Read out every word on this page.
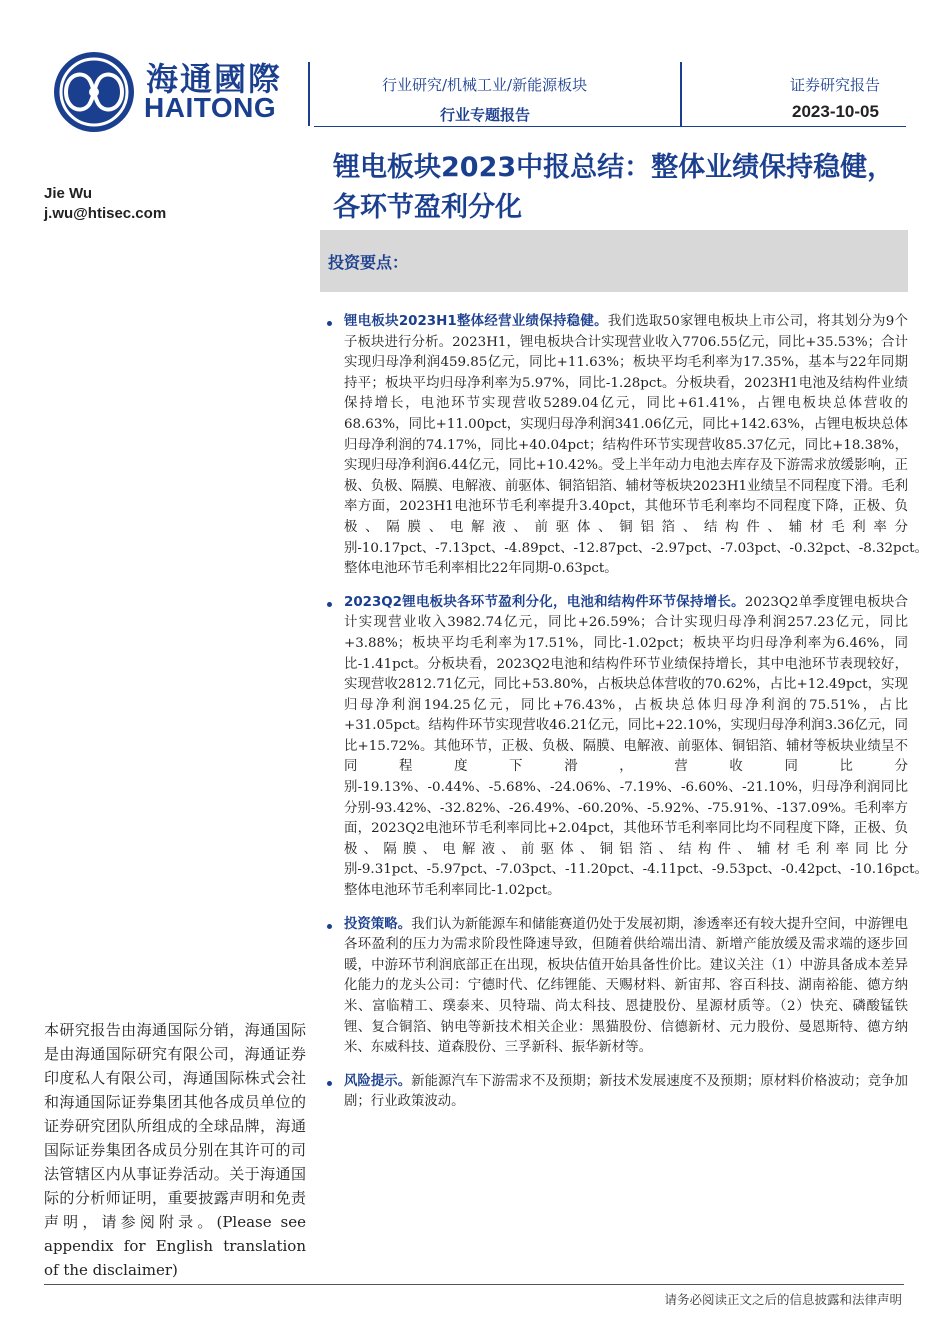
海通國際
HAITONG
行业研究/机械工业/新能源板块
行业专题报告
证券研究报告
2023-10-05
Jie Wu
j.wu@htisec.com
锂电板块2023中报总结：整体业绩保持稳健，各环节盈利分化
投资要点：
锂电板块2023H1整体经营业绩保持稳健。我们选取50家锂电板块上市公司，将其划分为9个子板块进行分析。2023H1，锂电板块合计实现营业收入7706.55亿元，同比+35.53%；合计实现归母净利润459.85亿元，同比+11.63%；板块平均毛利率为17.35%，基本与22年同期持平；板块平均归母净利率为5.97%，同比-1.28pct。分板块看，2023H1电池及结构件业绩保持增长，电池环节实现营收5289.04亿元，同比+61.41%，占锂电板块总体营收的68.63%，同比+11.00pct，实现归母净利润341.06亿元，同比+142.63%，占锂电板块总体归母净利润的74.17%，同比+40.04pct；结构件环节实现营收85.37亿元，同比+18.38%，实现归母净利润6.44亿元，同比+10.42%。受上半年动力电池去库存及下游需求放缓影响，正极、负极、隔膜、电解液、前驱体、铜箔铝箔、辅材等板块2023H1业绩呈不同程度下滑。毛利率方面，2023H1电池环节毛利率提升3.40pct，其他环节毛利率均不同程度下降，正极、负极、隔膜、电解液、前驱体、铜铝箔、结构件、辅材毛利率分别-10.17pct、-7.13pct、-4.89pct、-12.87pct、-2.97pct、-7.03pct、-0.32pct、-8.32pct。整体电池环节毛利率相比22年同期-0.63pct。
2023Q2锂电板块各环节盈利分化，电池和结构件环节保持增长。2023Q2单季度锂电板块合计实现营业收入3982.74亿元，同比+26.59%；合计实现归母净利润257.23亿元，同比+3.88%；板块平均毛利率为17.51%，同比-1.02pct；板块平均归母净利率为6.46%，同比-1.41pct。分板块看，2023Q2电池和结构件环节业绩保持增长，其中电池环节表现较好，实现营收2812.71亿元，同比+53.80%，占板块总体营收的70.62%，占比+12.49pct，实现归母净利润194.25亿元，同比+76.43%，占板块总体归母净利润的75.51%，占比+31.05pct。结构件环节实现营收46.21亿元，同比+22.10%，实现归母净利润3.36亿元，同比+15.72%。其他环节，正极、负极、隔膜、电解液、前驱体、铜铝箔、辅材等板块业绩呈不同程度下滑，营收同比分别-19.13%、-0.44%、-5.68%、-24.06%、-7.19%、-6.60%、-21.10%，归母净利润同比分别-93.42%、-32.82%、-26.49%、-60.20%、-5.92%、-75.91%、-137.09%。毛利率方面，2023Q2电池环节毛利率同比+2.04pct，其他环节毛利率同比均不同程度下降，正极、负极、隔膜、电解液、前驱体、铜铝箔、结构件、辅材毛利率同比分别-9.31pct、-5.97pct、-7.03pct、-11.20pct、-4.11pct、-9.53pct、-0.42pct、-10.16pct。整体电池环节毛利率同比-1.02pct。
投资策略。我们认为新能源车和储能赛道仍处于发展初期，渗透率还有较大提升空间，中游锂电各环盈利的压力为需求阶段性降速导致，但随着供给端出清、新增产能放缓及需求端的逐步回暖，中游环节利润底部正在出现，板块估值开始具备性价比。建议关注（1）中游具备成本差异化能力的龙头公司：宁德时代、亿纬锂能、天赐材料、新宙邦、容百科技、湖南裕能、德方纳米、富临精工、璞泰来、贝特瑞、尚太科技、恩捷股份、星源材质等。（2）快充、磷酸锰铁锂、复合铜箔、钠电等新技术相关企业：黑猫股份、信德新材、元力股份、曼恩斯特、德方纳米、东威科技、道森股份、三孚新科、振华新材等。
风险提示。新能源汽车下游需求不及预期；新技术发展速度不及预期；原材料价格波动；竞争加剧；行业政策波动。
本研究报告由海通国际分销，海通国际是由海通国际研究有限公司，海通证券印度私人有限公司，海通国际株式会社和海通国际证券集团其他各成员单位的证券研究团队所组成的全球品牌，海通国际证券集团各成员分别在其许可的司法管辖区内从事证券活动。关于海通国际的分析师证明，重要披露声明和免责声明，请参阅附录。(Please see appendix for English translation of the disclaimer)
请务必阅读正文之后的信息披露和法律声明
